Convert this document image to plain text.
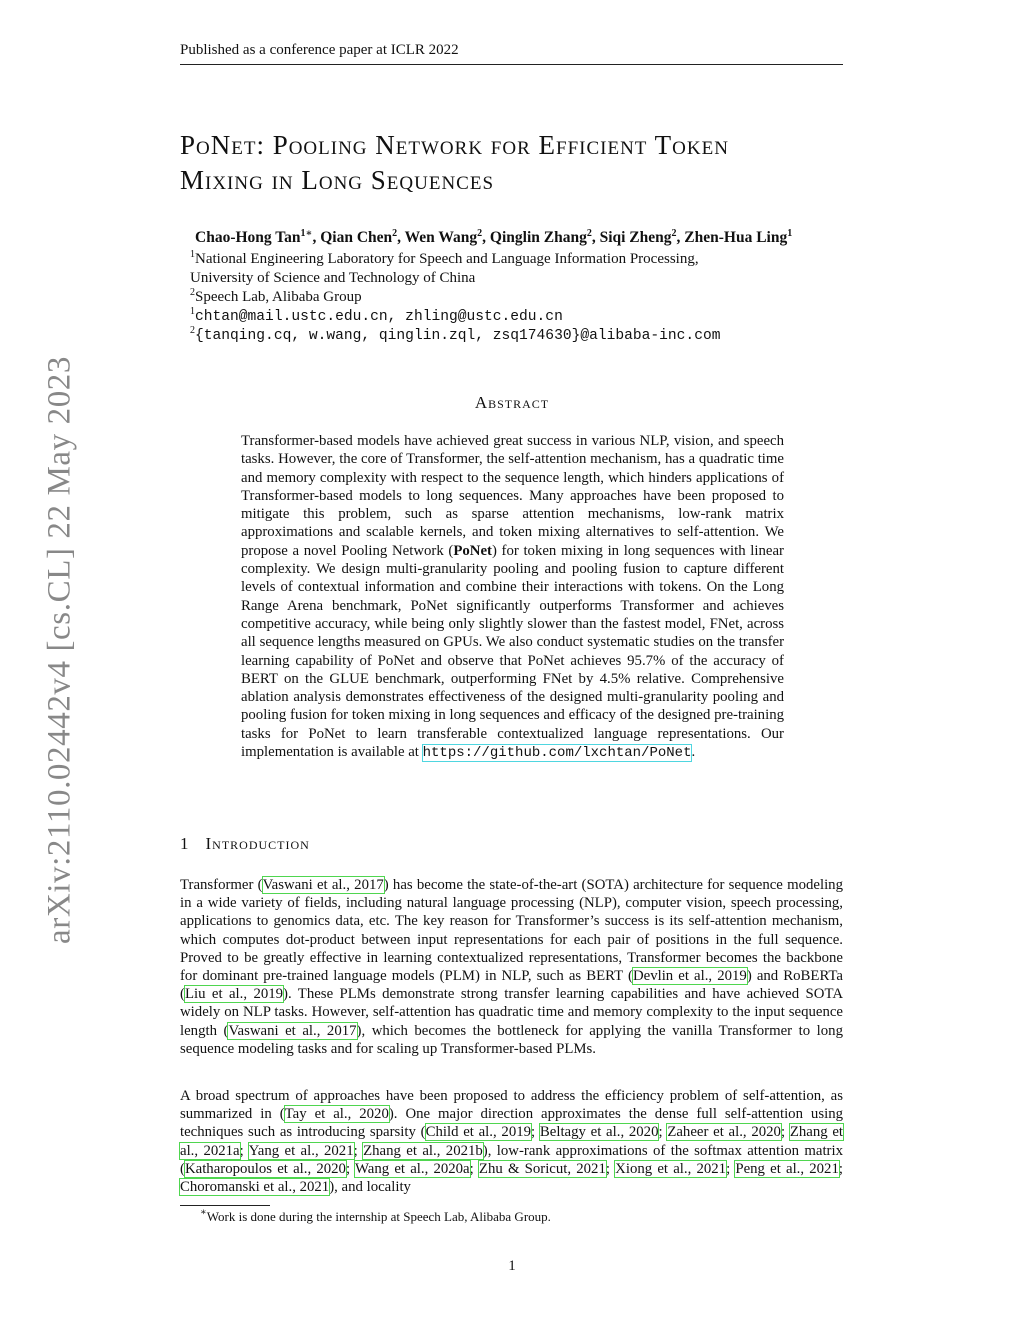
Published as a conference paper at ICLR 2022
arXiv:2110.02442v4 [cs.CL] 22 May 2023
PoNet: Pooling Network for Efficient Token
Mixing in Long Sequences
Chao-Hong Tan$^{1∗}$, Qian Chen$^2$, Wen Wang$^2$, Qinglin Zhang$^2$, Siqi Zheng$^2$, Zhen-Hua Ling$^1$
$^1$National Engineering Laboratory for Speech and Language Information Processing,
University of Science and Technology of China
$^2$Speech Lab, Alibaba Group
$^1$chtan@mail.ustc.edu.cn, zhling@ustc.edu.cn
$^2${tanqing.cq, w.wang, qinglin.zql, zsq174630}@alibaba-inc.com
Abstract

Transformer-based models have achieved great success in various NLP, vision, and speech tasks. However, the core of Transformer, the self-attention mechanism, has a quadratic time and memory complexity with respect to the sequence length, which hinders applications of Transformer-based models to long sequences. Many approaches have been proposed to mitigate this problem, such as sparse attention mechanisms, low-rank matrix approximations and scalable kernels, and token mixing alternatives to self-attention. We propose a novel Pooling Network (PoNet) for token mixing in long sequences with linear complexity. We design multi-granularity pooling and pooling fusion to capture different levels of contextual information and combine their interactions with tokens. On the Long Range Arena benchmark, PoNet significantly outperforms Transformer and achieves competitive accuracy, while being only slightly slower than the fastest model, FNet, across all sequence lengths measured on GPUs. We also conduct systematic studies on the transfer learning capability of PoNet and observe that PoNet achieves 95.7% of the accuracy of BERT on the GLUE benchmark, outperforming FNet by 4.5% relative. Comprehensive ablation analysis demonstrates effectiveness of the designed multi-granularity pooling and pooling fusion for token mixing in long sequences and efficacy of the designed pre-training tasks for PoNet to learn transferable contextualized language representations. Our implementation is available at https://github.com/lxchtan/PoNet.

1 Introduction

Transformer (Vaswani et al., 2017) has become the state-of-the-art (SOTA) architecture for sequence modeling in a wide variety of fields, including natural language processing (NLP), computer vision, speech processing, applications to genomics data, etc. The key reason for Transformer’s success is its self-attention mechanism, which computes dot-product between input representations for each pair of positions in the full sequence. Proved to be greatly effective in learning contextualized representations, Transformer becomes the backbone for dominant pre-trained language models (PLM) in NLP, such as BERT (Devlin et al., 2019) and RoBERTa (Liu et al., 2019). These PLMs demonstrate strong transfer learning capabilities and have achieved SOTA widely on NLP tasks. However, self-attention has quadratic time and memory complexity to the input sequence length (Vaswani et al., 2017), which becomes the bottleneck for applying the vanilla Transformer to long sequence modeling tasks and for scaling up Transformer-based PLMs.

A broad spectrum of approaches have been proposed to address the efficiency problem of self-attention, as summarized in (Tay et al., 2020). One major direction approximates the dense full self-attention using techniques such as introducing sparsity (Child et al., 2019; Beltagy et al., 2020; Zaheer et al., 2020; Zhang et al., 2021a; Yang et al., 2021; Zhang et al., 2021b), low-rank approximations of the softmax attention matrix (Katharopoulos et al., 2020; Wang et al., 2020a; Zhu & Soricut, 2021; Xiong et al., 2021; Peng et al., 2021; Choromanski et al., 2021), and locality

∗Work is done during the internship at Speech Lab, Alibaba Group.
1
